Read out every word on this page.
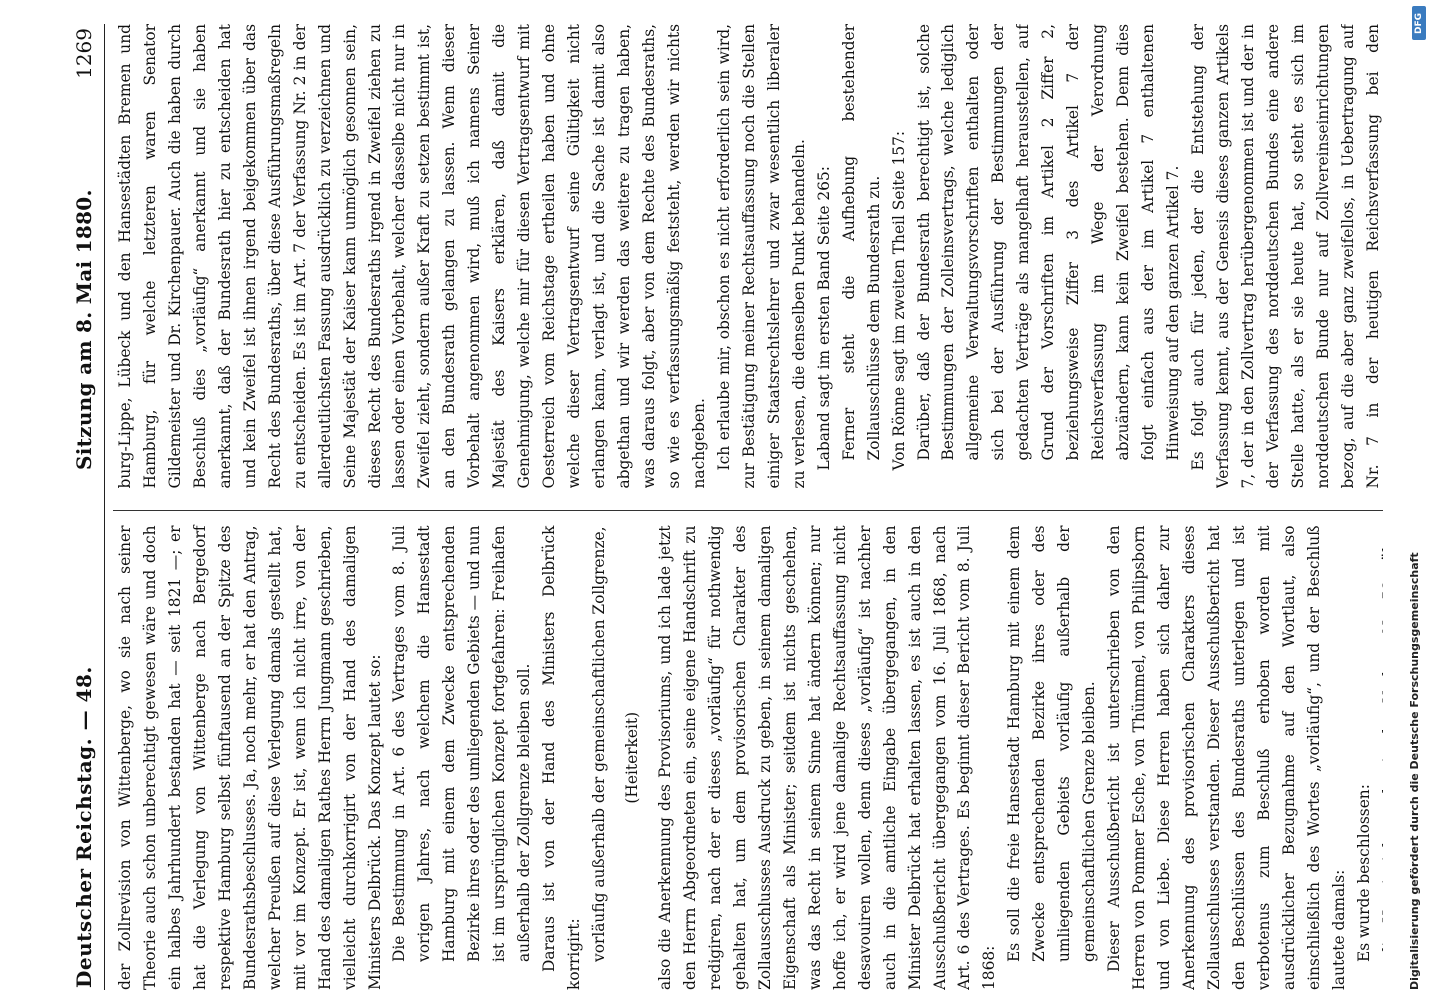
Deutscher Reichstag. — 48.
Sitzung am 8. Mai 1880.
1269

der Zollrevision von Wittenberge, wo sie nach seiner Theorie auch schon unberechtigt gewesen wäre und doch ein halbes Jahrhundert bestanden hat — seit 1821 —; er hat die Verlegung von Wittenberge nach Bergedorf respektive Hamburg selbst fünftausend an der Spitze des Bundesrathsbeschlusses. Ja, noch mehr, er hat den Antrag, welcher Preußen auf diese Verlegung damals gestellt hat, mit vor im Konzept. Er ist, wenn ich nicht irre, von der Hand des damaligen Rathes Herrn Jungmann geschrieben, vielleicht durchkorrigirt von der Hand des damaligen Ministers Delbrück. Das Konzept lautet so: Die Bestimmung in Art. 6 des Vertrages vom 8. Juli vorigen Jahres, nach welchem die Hansestadt Hamburg mit einem dem Zwecke entsprechenden Bezirke ihres oder des umliegenden Gebiets — und nun ist im ursprünglichen Konzept fortgefahren: Freihafen außerhalb der Zollgrenze bleiben soll. Daraus ist von der Hand des Ministers Delbrück korrigirt: vorläufig außerhalb der gemeinschaftlichen Zollgrenze, (Heiterkeit) also die Anerkennung des Provisoriums, und ich lade jetzt den Herrn Abgeordneten ein, seine eigene Handschrift zu redigiren, nach der er dieses „vorläufig“ für nothwendig gehalten hat, um dem provisorischen Charakter des Zollausschlusses Ausdruck zu geben, in seinem damaligen Eigenschaft als Minister; seitdem ist nichts geschehen, was das Recht in seinem Sinne hat ändern können; nur hoffe ich, er wird jene damalige Rechtsauffassung nicht desavouiren wollen, denn dieses „vorläufig“ ist nachher auch in die amtliche Eingabe übergegangen, in den Minister Delbrück hat erhalten lassen, es ist auch in den Ausschußbericht übergegangen vom 16. Juli 1868, nach Art. 6 des Vertrages. Es beginnt dieser Bericht vom 8. Juli 1868:

Es soll die freie Hansestadt Hamburg mit einem dem Zwecke entsprechenden Bezirke ihres oder des umliegenden Gebiets vorläufig außerhalb der gemeinschaftlichen Grenze bleiben. Dieser Ausschußbericht ist unterschrieben von den Herren von Pommer Esche, von Thümmel, von Philipsborn und von Liebe. Diese Herren haben sich daher zur Anerkennung des provisorischen Charakters dieses Zollausschlusses verstanden. Dieser Ausschußbericht hat den Beschlüssen des Bundesraths unterlegen und ist verbotenus zum Beschluß erhoben worden mit ausdrücklicher Bezugnahme auf den Wortlaut, also einschließlich des Wortes „vorläufig“, und der Beschluß lautete damals: Es wurde beschlossen:

a. die Hereinziehung der in der Vorlage Nr. 58 näher

burg-Lippe, Lübeck und den Hansestädten Bremen und Hamburg, für welche letzteren waren Senator Gildemeister und Dr. Kirchenpauer. Auch die haben durch Beschluß dies „vorläufig“ anerkannt und sie haben anerkannt, daß der Bundesrath hier zu entscheiden hat und kein Zweifel ist ihnen irgend beigekommen über das Recht des Bundesraths, über diese Ausführungsmaßregeln zu entscheiden. Es ist im Art. 7 der Verfassung Nr. 2 in der allerdeutlichsten Fassung ausdrücklich zu verzeichnen und Seine Majestät der Kaiser kann unmöglich gesonnen sein, dieses Recht des Bundesraths irgend in Zweifel ziehen zu lassen oder einen Vorbehalt, welcher dasselbe nicht nur in Zweifel zieht, sondern außer Kraft zu setzen bestimmt ist, an den Bundesrath gelangen zu lassen. Wenn dieser Vorbehalt angenommen wird, muß ich namens Seiner Majestät des Kaisers erklären, daß damit die Genehmigung, welche mir für diesen Vertragsentwurf mit Oesterreich vom Reichstage ertheilen haben und ohne welche dieser Vertragsentwurf seine Gültigkeit nicht erlangen kann, verlagt ist, und die Sache ist damit also abgethan und wir werden das weitere zu tragen haben, was daraus folgt, aber von dem Rechte des Bundesraths, so wie es verfassungsmäßig feststeht, werden wir nichts nachgeben. Ich erlaube mir, obschon es nicht erforderlich sein wird, zur Bestätigung meiner Rechtsauffassung noch die Stellen einiger Staatsrechtslehrer und zwar wesentlich liberaler zu verlesen, die denselben Punkt behandeln. Laband sagt im ersten Band Seite 265: Ferner steht die Aufhebung bestehender Zollausschlüsse dem Bundesrath zu. Von Rönne sagt im zweiten Theil Seite 157: Darüber, daß der Bundesrath berechtigt ist, solche Bestimmungen der Zolleinsvertrags, welche lediglich allgemeine Verwaltungsvorschriften enthalten oder sich bei der Ausführung der Bestimmungen der gedachten Verträge als mangelhaft herausstellen, auf Grund der Vorschriften im Artikel 2 Ziffer 2, beziehungsweise Ziffer 3 des Artikel 7 der Reichsverfassung im Wege der Verordnung abzuändern, kann kein Zweifel bestehen. Denn dies folgt einfach aus der im Artikel 7 enthaltenen Hinweisung auf den ganzen Artikel 7.

Es folgt auch für jeden, der die Entstehung der Verfassung kennt, aus der Genesis dieses ganzen Artikels 7, der in den Zollvertrag herübergenommen ist und der in der Verfassung des norddeutschen Bundes eine andere Stelle hatte, als er sie heute hat, so steht es sich im norddeutschen Bunde nur auf Zollvereinseinrichtungen bezog, auf die aber ganz zweifellos, in Uebertragung auf Nr. 7 in der heutigen Reichsverfassung bei den

Digitalisierung gefördert durch die Deutsche Forschungsgemeinschaft
DFG
